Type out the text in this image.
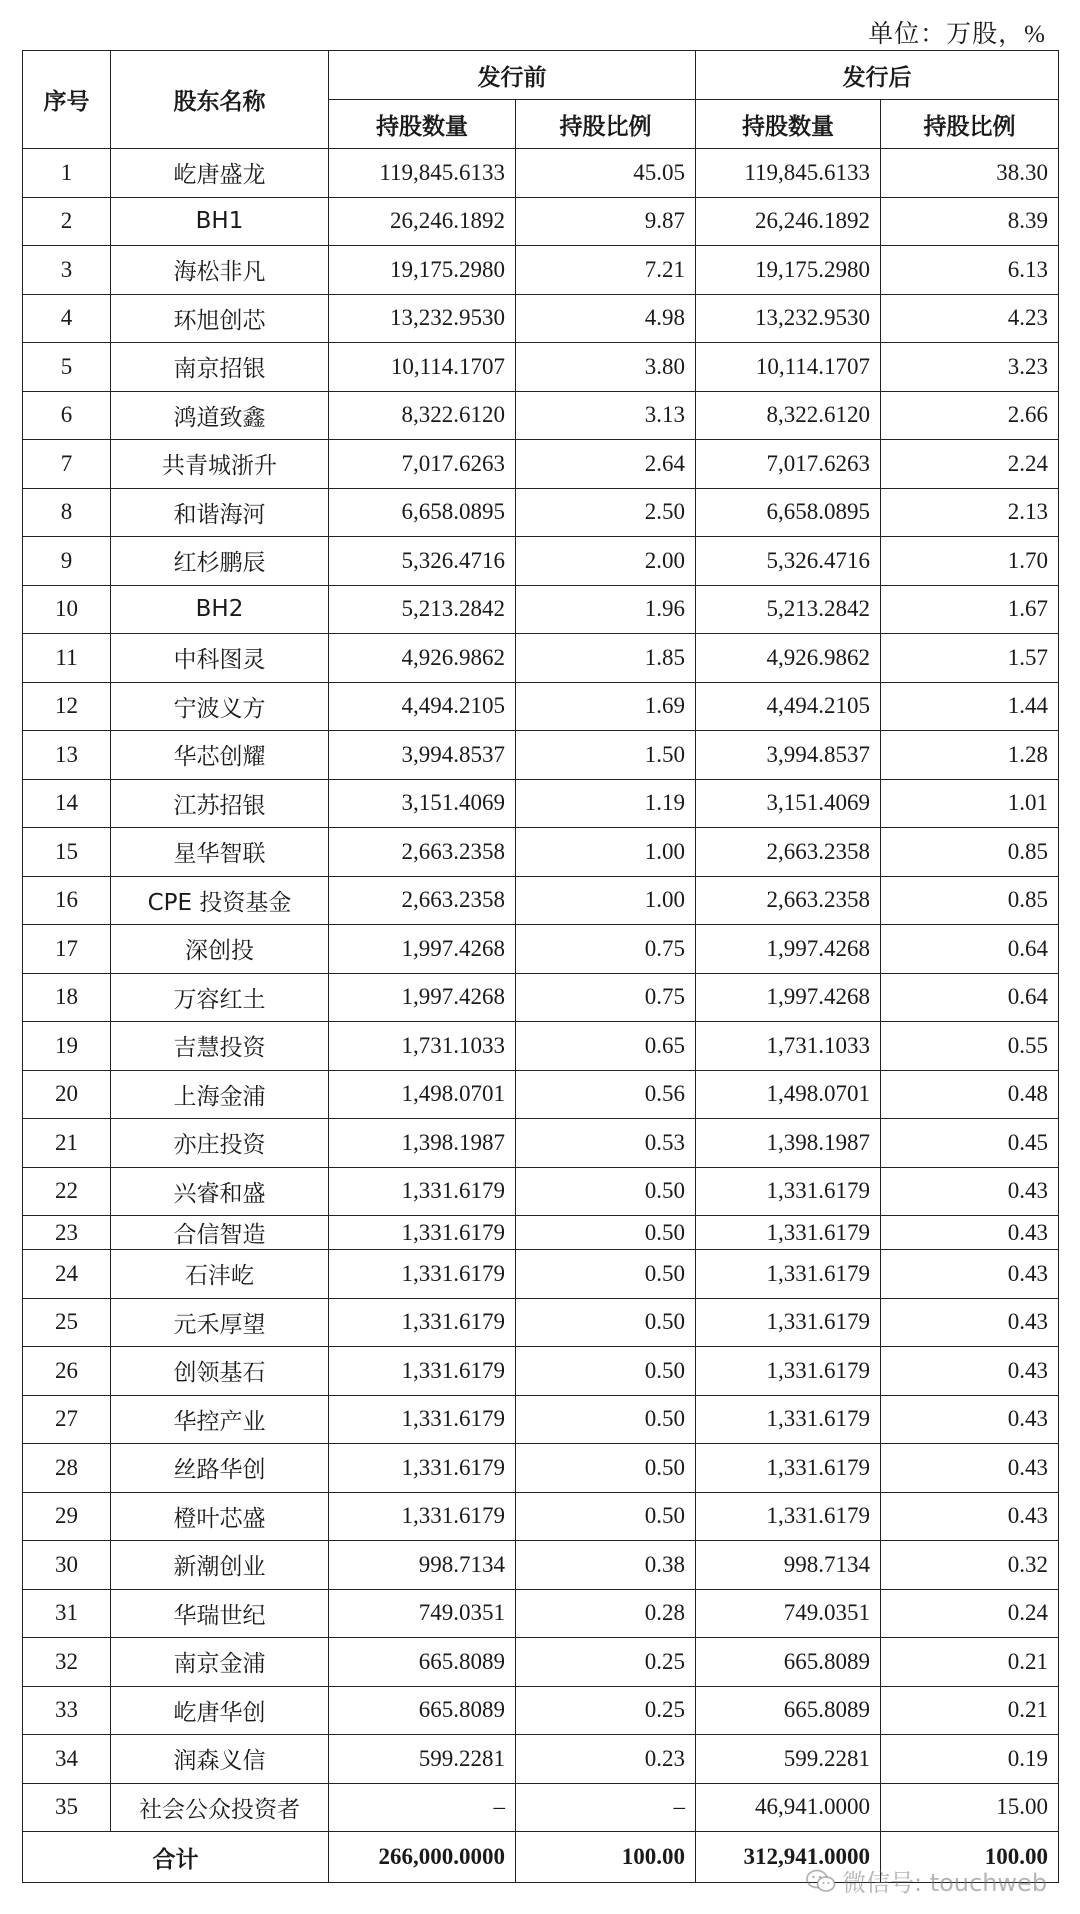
单位：万股，%
序号	股东名称	发行前		发行后	
		持股数量	持股比例	持股数量	持股比例
1	屹唐盛龙	119,845.6133	45.05	119,845.6133	38.30
2	BH1	26,246.1892	9.87	26,246.1892	8.39
3	海松非凡	19,175.2980	7.21	19,175.2980	6.13
4	环旭创芯	13,232.9530	4.98	13,232.9530	4.23
5	南京招银	10,114.1707	3.80	10,114.1707	3.23
6	鸿道致鑫	8,322.6120	3.13	8,322.6120	2.66
7	共青城浙升	7,017.6263	2.64	7,017.6263	2.24
8	和谐海河	6,658.0895	2.50	6,658.0895	2.13
9	红杉鹏辰	5,326.4716	2.00	5,326.4716	1.70
10	BH2	5,213.2842	1.96	5,213.2842	1.67
11	中科图灵	4,926.9862	1.85	4,926.9862	1.57
12	宁波义方	4,494.2105	1.69	4,494.2105	1.44
13	华芯创耀	3,994.8537	1.50	3,994.8537	1.28
14	江苏招银	3,151.4069	1.19	3,151.4069	1.01
15	星华智联	2,663.2358	1.00	2,663.2358	0.85
16	CPE 投资基金	2,663.2358	1.00	2,663.2358	0.85
17	深创投	1,997.4268	0.75	1,997.4268	0.64
18	万容红土	1,997.4268	0.75	1,997.4268	0.64
19	吉慧投资	1,731.1033	0.65	1,731.1033	0.55
20	上海金浦	1,498.0701	0.56	1,498.0701	0.48
21	亦庄投资	1,398.1987	0.53	1,398.1987	0.45
22	兴睿和盛	1,331.6179	0.50	1,331.6179	0.43
23	合信智造	1,331.6179	0.50	1,331.6179	0.43
24	石沣屹	1,331.6179	0.50	1,331.6179	0.43
25	元禾厚望	1,331.6179	0.50	1,331.6179	0.43
26	创领基石	1,331.6179	0.50	1,331.6179	0.43
27	华控产业	1,331.6179	0.50	1,331.6179	0.43
28	丝路华创	1,331.6179	0.50	1,331.6179	0.43
29	橙叶芯盛	1,331.6179	0.50	1,331.6179	0.43
30	新潮创业	998.7134	0.38	998.7134	0.32
31	华瑞世纪	749.0351	0.28	749.0351	0.24
32	南京金浦	665.8089	0.25	665.8089	0.21
33	屹唐华创	665.8089	0.25	665.8089	0.21
34	润森义信	599.2281	0.23	599.2281	0.19
35	社会公众投资者	–	–	46,941.0000	15.00
合计		266,000.0000	100.00	312,941.0000	100.00
微信号: touchweb
